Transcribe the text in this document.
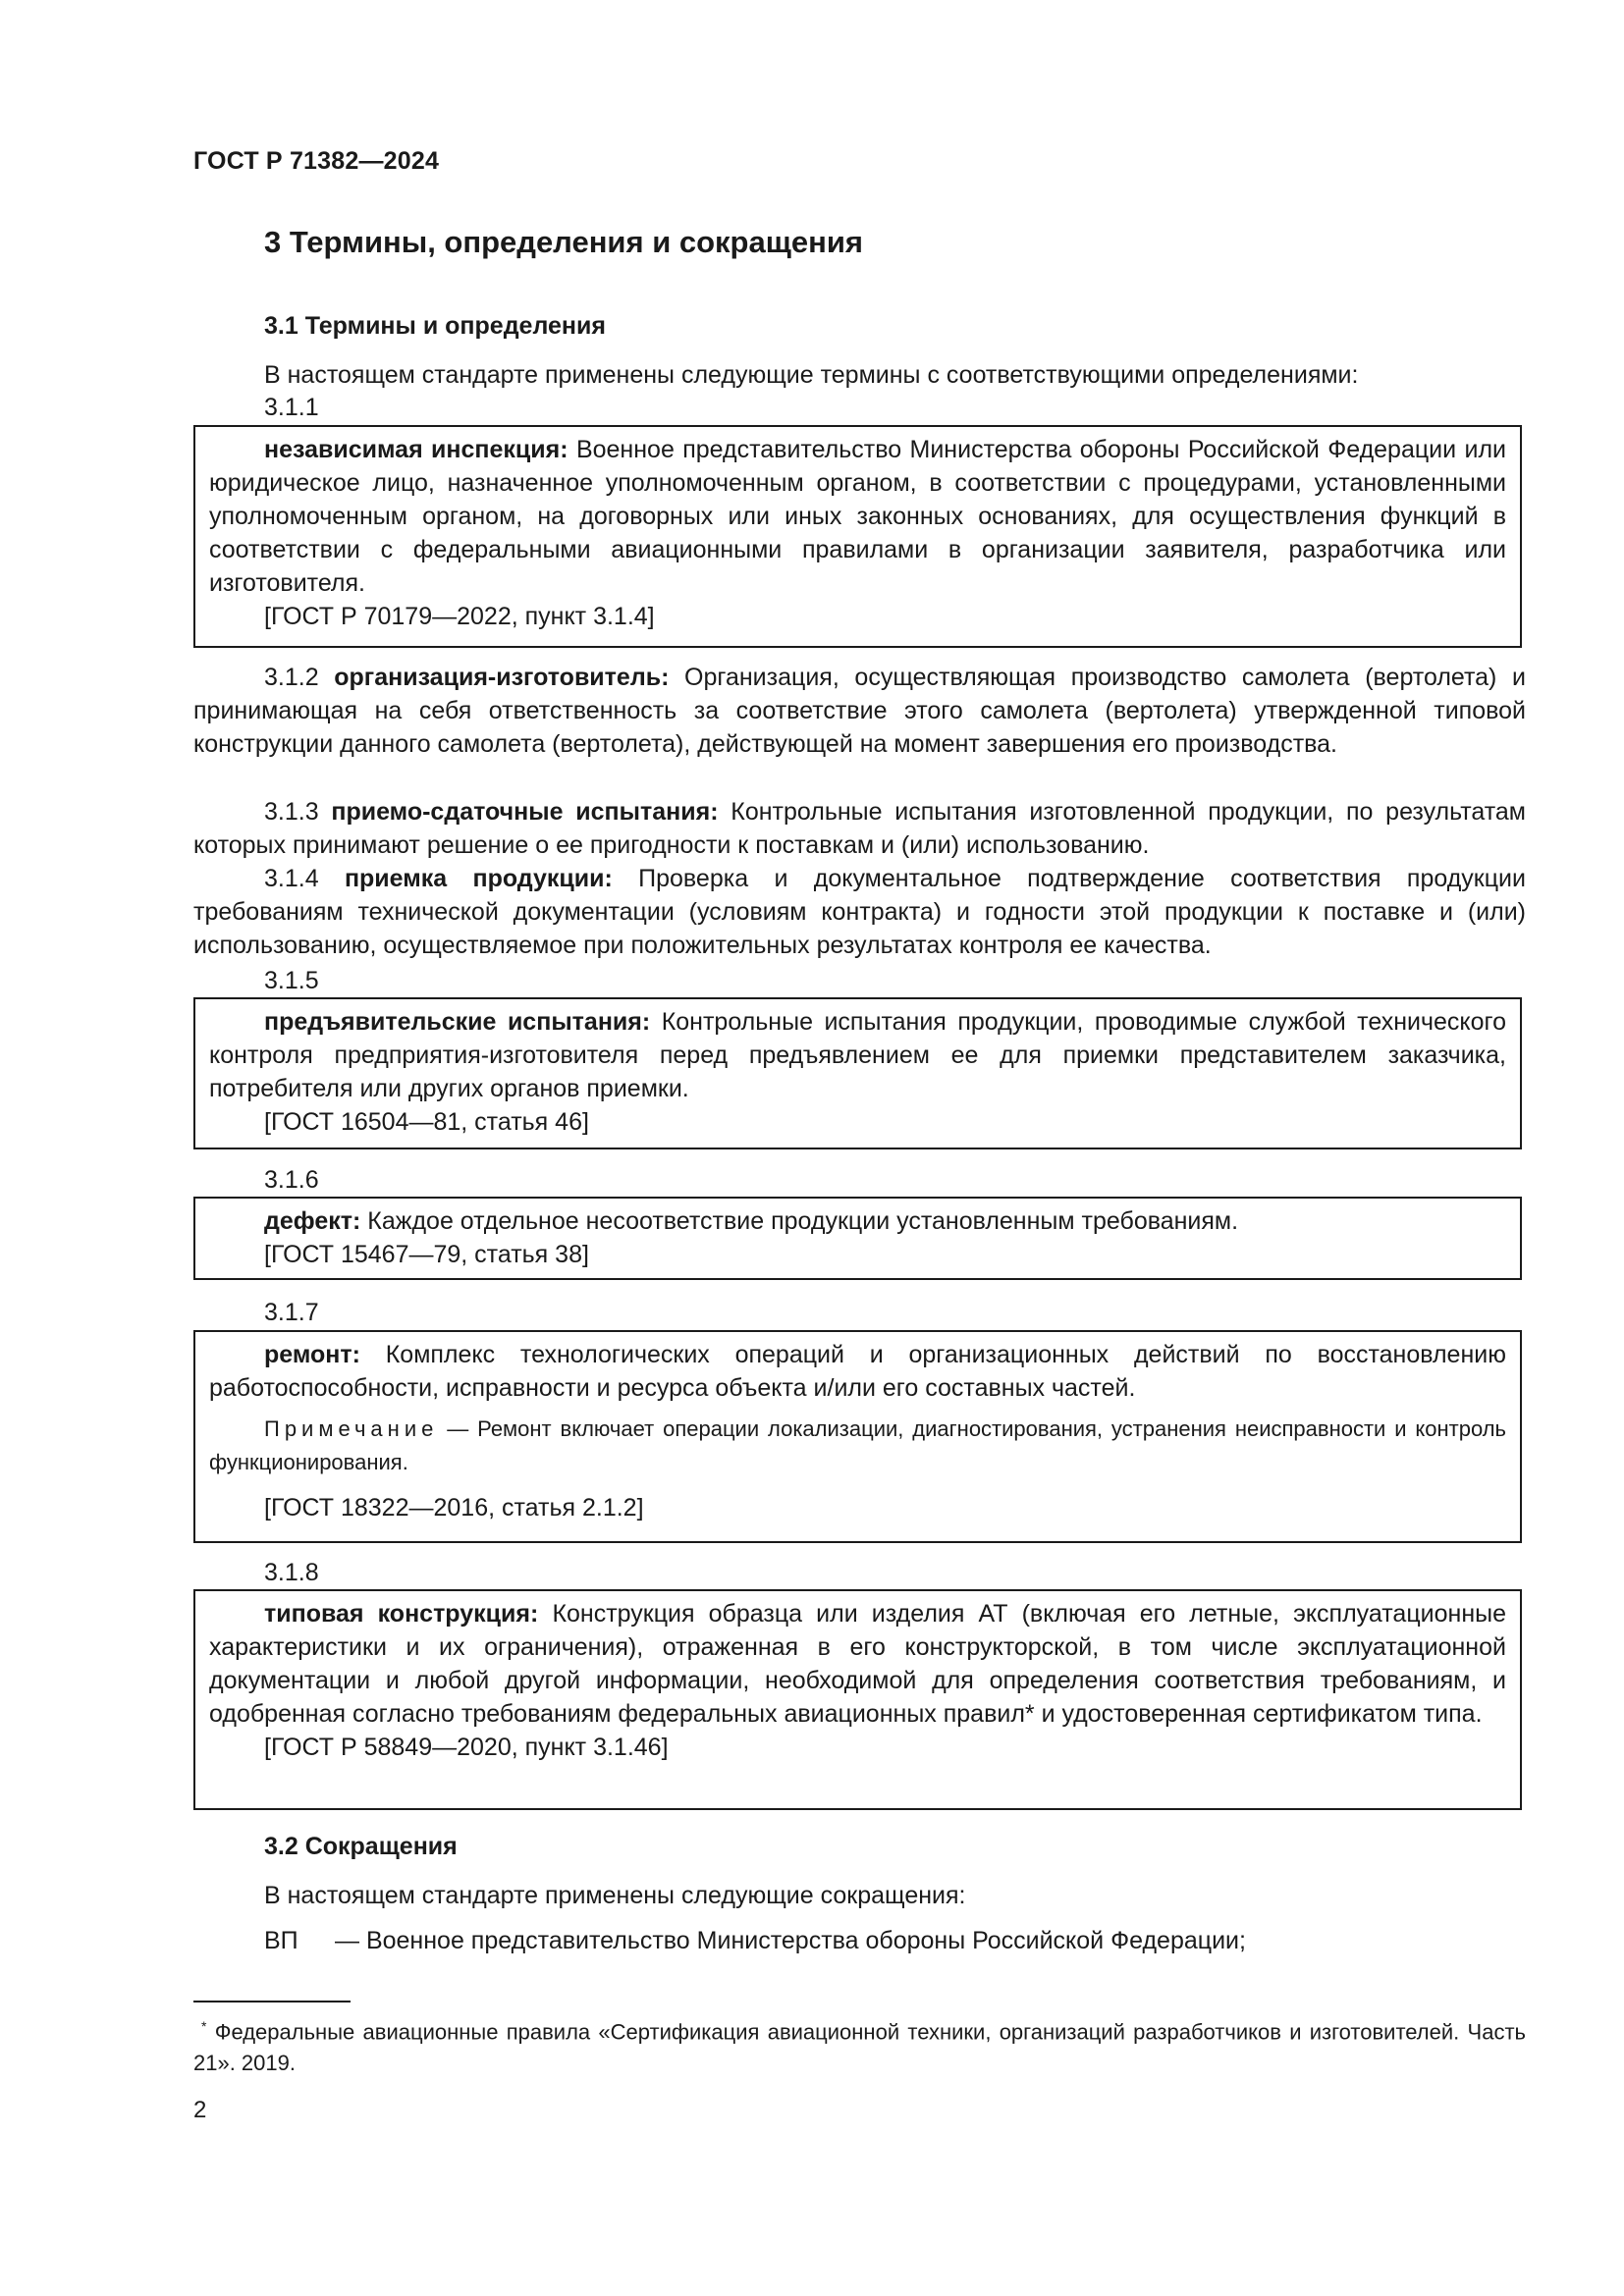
ГОСТ Р 71382—2024
3 Термины, определения и сокращения
3.1 Термины и определения
В настоящем стандарте применены следующие термины с соответствующими определениями:
3.1.1

независимая инспекция: Военное представительство Министерства обороны Российской Федерации или юридическое лицо, назначенное уполномоченным органом, в соответствии с процедурами, установленными уполномоченным органом, на договорных или иных законных основаниях, для осуществления функций в соответствии с федеральными авиационными правилами в организации заявителя, разработчика или изготовителя.

[ГОСТ Р 70179—2022, пункт 3.1.4]

3.1.2 организация-изготовитель: Организация, осуществляющая производство самолета (вертолета) и принимающая на себя ответственность за соответствие этого самолета (вертолета) утвержденной типовой конструкции данного самолета (вертолета), действующей на момент завершения его производства.
3.1.3 приемо-сдаточные испытания: Контрольные испытания изготовленной продукции, по результатам которых принимают решение о ее пригодности к поставкам и (или) использованию.
3.1.4 приемка продукции: Проверка и документальное подтверждение соответствия продукции требованиям технической документации (условиям контракта) и годности этой продукции к поставке и (или) использованию, осуществляемое при положительных результатах контроля ее качества.
3.1.5

предъявительские испытания: Контрольные испытания продукции, проводимые службой технического контроля предприятия-изготовителя перед предъявлением ее для приемки представителем заказчика, потребителя или других органов приемки.

[ГОСТ 16504—81, статья 46]

3.1.6

дефект: Каждое отдельное несоответствие продукции установленным требованиям.

[ГОСТ 15467—79, статья 38]

3.1.7

ремонт: Комплекс технологических операций и организационных действий по восстановлению работоспособности, исправности и ресурса объекта и/или его составных частей.

Примечание — Ремонт включает операции локализации, диагностирования, устранения неисправности и контроль функционирования.

[ГОСТ 18322—2016, статья 2.1.2]

3.1.8

типовая конструкция: Конструкция образца или изделия АТ (включая его летные, эксплуатационные характеристики и их ограничения), отраженная в его конструкторской, в том числе эксплуатационной документации и любой другой информации, необходимой для определения соответствия требованиям, и одобренная согласно требованиям федеральных авиационных правил* и удостоверенная сертификатом типа.

[ГОСТ Р 58849—2020, пункт 3.1.46]

3.2 Сокращения
В настоящем стандарте применены следующие сокращения:
ВП — Военное представительство Министерства обороны Российской Федерации;
* Федеральные авиационные правила «Сертификация авиационной техники, организаций разработчиков и изготовителей. Часть 21». 2019.
2
